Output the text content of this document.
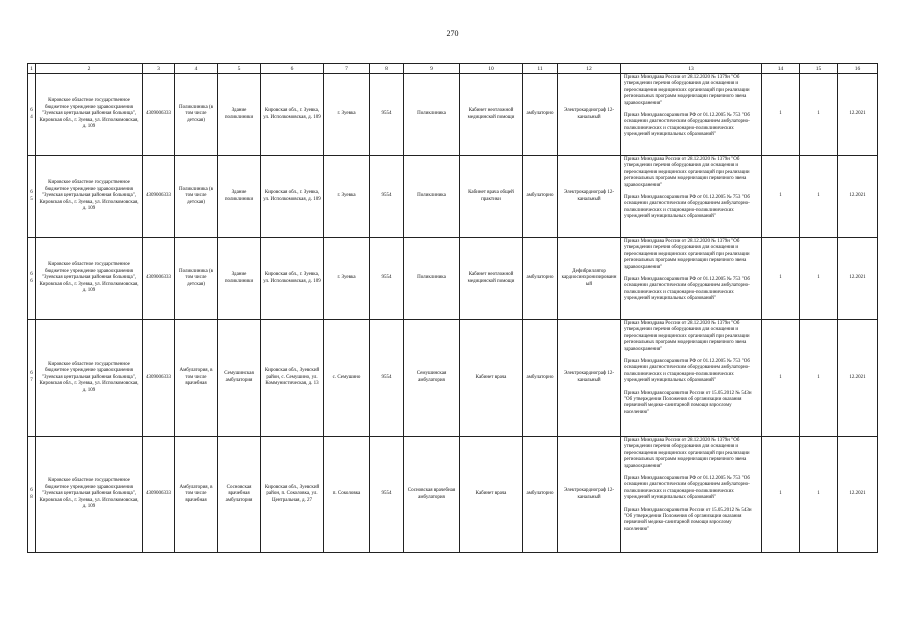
270
1	2	3	4	5	6	7	8	9	10	11	12	13	14	15	16
64	Кировское областное государственное бюджетное учреждение здравоохранения "Зуевская центральная районная больница", Кировская обл., г. Зуевка, ул. Исполкомовская, д. 109	4309006333	Поликлиника (в том числе детская)	Здание поликлиники	Кировская обл., г. Зуевка, ул. Исполкомовская, д. 109	г. Зуевка	9554	Поликлиника	Кабинет неотложной медицинской помощи	амбулаторно	Электрокардиограф 12-канальный	Приказ Минздрава России от 28.12.2020 № 1379н "Об утверждении перечня оборудования для оснащения и переоснащения медицинских организаций при реализации региональных программ модернизации первичного звена здравоохранения"

Приказ Минздравсоцразвития РФ от 01.12.2005 № 753 "Об оснащении диагностическим оборудованием амбулаторно-поликлинических и стационарно-поликлинических учреждений муниципальных образований"	1	1	12.2021
65	Кировское областное государственное бюджетное учреждение здравоохранения "Зуевская центральная районная больница", Кировская обл., г. Зуевка, ул. Исполкомовская, д. 109	4309006333	Поликлиника (в том числе детская)	Здание поликлиники	Кировская обл., г. Зуевка, ул. Исполкомовская, д. 109	г. Зуевка	9554	Поликлиника	Кабинет врача общей практики	амбулаторно	Электрокардиограф 12-канальный	Приказ Минздрава России от 28.12.2020 № 1379н "Об утверждении перечня оборудования для оснащения и переоснащения медицинских организаций при реализации региональных программ модернизации первичного звена здравоохранения"

Приказ Минздравсоцразвития РФ от 01.12.2005 № 753 "Об оснащении диагностическим оборудованием амбулаторно-поликлинических и стационарно-поликлинических учреждений муниципальных образований"	1	1	12.2021
66	Кировское областное государственное бюджетное учреждение здравоохранения "Зуевская центральная районная больница", Кировская обл., г. Зуевка, ул. Исполкомовская, д. 109	4309006333	Поликлиника (в том числе детская)	Здание поликлиники	Кировская обл., г. Зуевка, ул. Исполкомовская, д. 109	г. Зуевка	9554	Поликлиника	Кабинет неотложной медицинской помощи	амбулаторно	Дефибриллятор кардиосинхронизированный	Приказ Минздрава России от 28.12.2020 № 1379н "Об утверждении перечня оборудования для оснащения и переоснащения медицинских организаций при реализации региональных программ модернизации первичного звена здравоохранения"

Приказ Минздравсоцразвития РФ от 01.12.2005 № 753 "Об оснащении диагностическим оборудованием амбулаторно-поликлинических и стационарно-поликлинических учреждений муниципальных образований"	1	1	12.2021
67	Кировское областное государственное бюджетное учреждение здравоохранения "Зуевская центральная районная больница", Кировская обл., г. Зуевка, ул. Исполкомовская, д. 109	4309006333	Амбулатория, в том числе врачебная	Семушинская амбулатория	Кировская обл., Зуевский район, с. Семушино, ул. Коммунистическая, д. 13	с. Семушино	9554	Семушинская амбулатория	Кабинет врача	амбулаторно	Электрокардиограф 12-канальный	Приказ Минздрава России от 28.12.2020 № 1379н "Об утверждении перечня оборудования для оснащения и переоснащения медицинских организаций при реализации региональных программ модернизации первичного звена здравоохранения"

Приказ Минздравсоцразвития РФ от 01.12.2005 № 753 "Об оснащении диагностическим оборудованием амбулаторно-поликлинических и стационарно-поликлинических учреждений муниципальных образований"

Приказ Минздравсоцразвития России от 15.05.2012 № 543н "Об утверждении Положения об организации оказания первичной медико-санитарной помощи взрослому населению"	1	1	12.2021
68	Кировское областное государственное бюджетное учреждение здравоохранения "Зуевская центральная районная больница", Кировская обл., г. Зуевка, ул. Исполкомовская, д. 109	4309006333	Амбулатория, в том числе врачебная	Сосновская врачебная амбулатория	Кировская обл., Зуевский район, п. Соколовка, ул. Центральная, д. 27	п. Соколовка	9554	Сосновская врачебная амбулатория	Кабинет врача	амбулаторно	Электрокардиограф 12-канальный	Приказ Минздрава России от 28.12.2020 № 1379н "Об утверждении перечня оборудования для оснащения и переоснащения медицинских организаций при реализации региональных программ модернизации первичного звена здравоохранения"

Приказ Минздравсоцразвития РФ от 01.12.2005 № 753 "Об оснащении диагностическим оборудованием амбулаторно-поликлинических и стационарно-поликлинических учреждений муниципальных образований"

Приказ Минздравсоцразвития России от 15.05.2012 № 543н "Об утверждении Положения об организации оказания первичной медико-санитарной помощи взрослому населению"	1	1	12.2021
